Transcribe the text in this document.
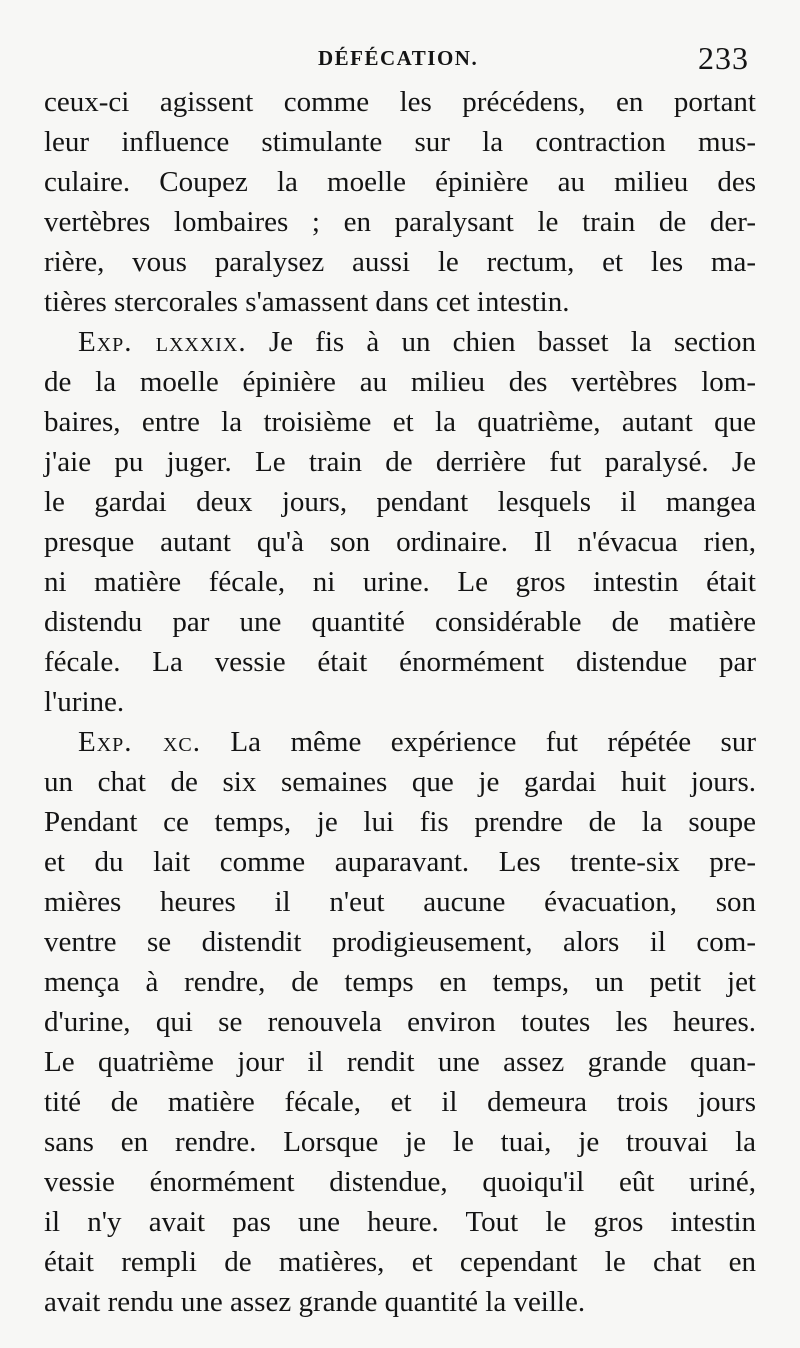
DÉFÉCATION.	233
ceux-ci agissent comme les précédens, en portant
leur influence stimulante sur la contraction mus-
culaire. Coupez la moelle épinière au milieu des
vertèbres lombaires ; en paralysant le train de der-
rière, vous paralysez aussi le rectum, et les ma-
tières stercorales s'amassent dans cet intestin.
Exp. lxxxix. Je fis à un chien basset la section
de la moelle épinière au milieu des vertèbres lom-
baires, entre la troisième et la quatrième, autant que
j'aie pu juger. Le train de derrière fut paralysé. Je
le gardai deux jours, pendant lesquels il mangea
presque autant qu'à son ordinaire. Il n'évacua rien,
ni matière fécale, ni urine. Le gros intestin était
distendu par une quantité considérable de matière
fécale. La vessie était énormément distendue par
l'urine.
Exp. xc. La même expérience fut répétée sur
un chat de six semaines que je gardai huit jours.
Pendant ce temps, je lui fis prendre de la soupe
et du lait comme auparavant. Les trente-six pre-
mières heures il n'eut aucune évacuation, son
ventre se distendit prodigieusement, alors il com-
mença à rendre, de temps en temps, un petit jet
d'urine, qui se renouvela environ toutes les heures.
Le quatrième jour il rendit une assez grande quan-
tité de matière fécale, et il demeura trois jours
sans en rendre. Lorsque je le tuai, je trouvai la
vessie énormément distendue, quoiqu'il eût uriné,
il n'y avait pas une heure. Tout le gros intestin
était rempli de matières, et cependant le chat en
avait rendu une assez grande quantité la veille.
